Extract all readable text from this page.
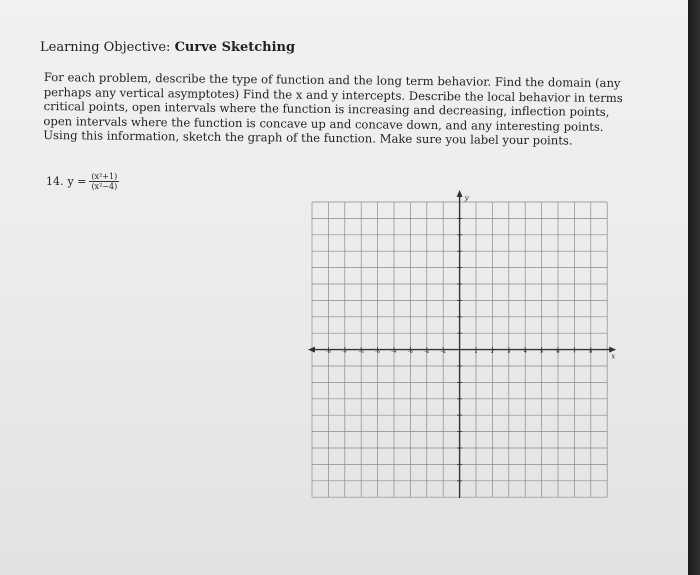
Learning Objective: Curve Sketching
For each problem, describe the type of function and the long term behavior. Find the domain (any
perhaps any vertical asymptotes) Find the x and y intercepts. Describe the local behavior in terms
critical points, open intervals where the function is increasing and decreasing, inflection points,
open intervals where the function is concave up and concave down, and any interesting points.
Using this information, sketch the graph of the function. Make sure you label your points.
14. $y = \frac{\text{(x²+1)}}{\text{(x²−4)}}$
y
x
-8 -7 -6 -5 -4 -3 -2 -1	1 2 3 4 5 6 7 8
